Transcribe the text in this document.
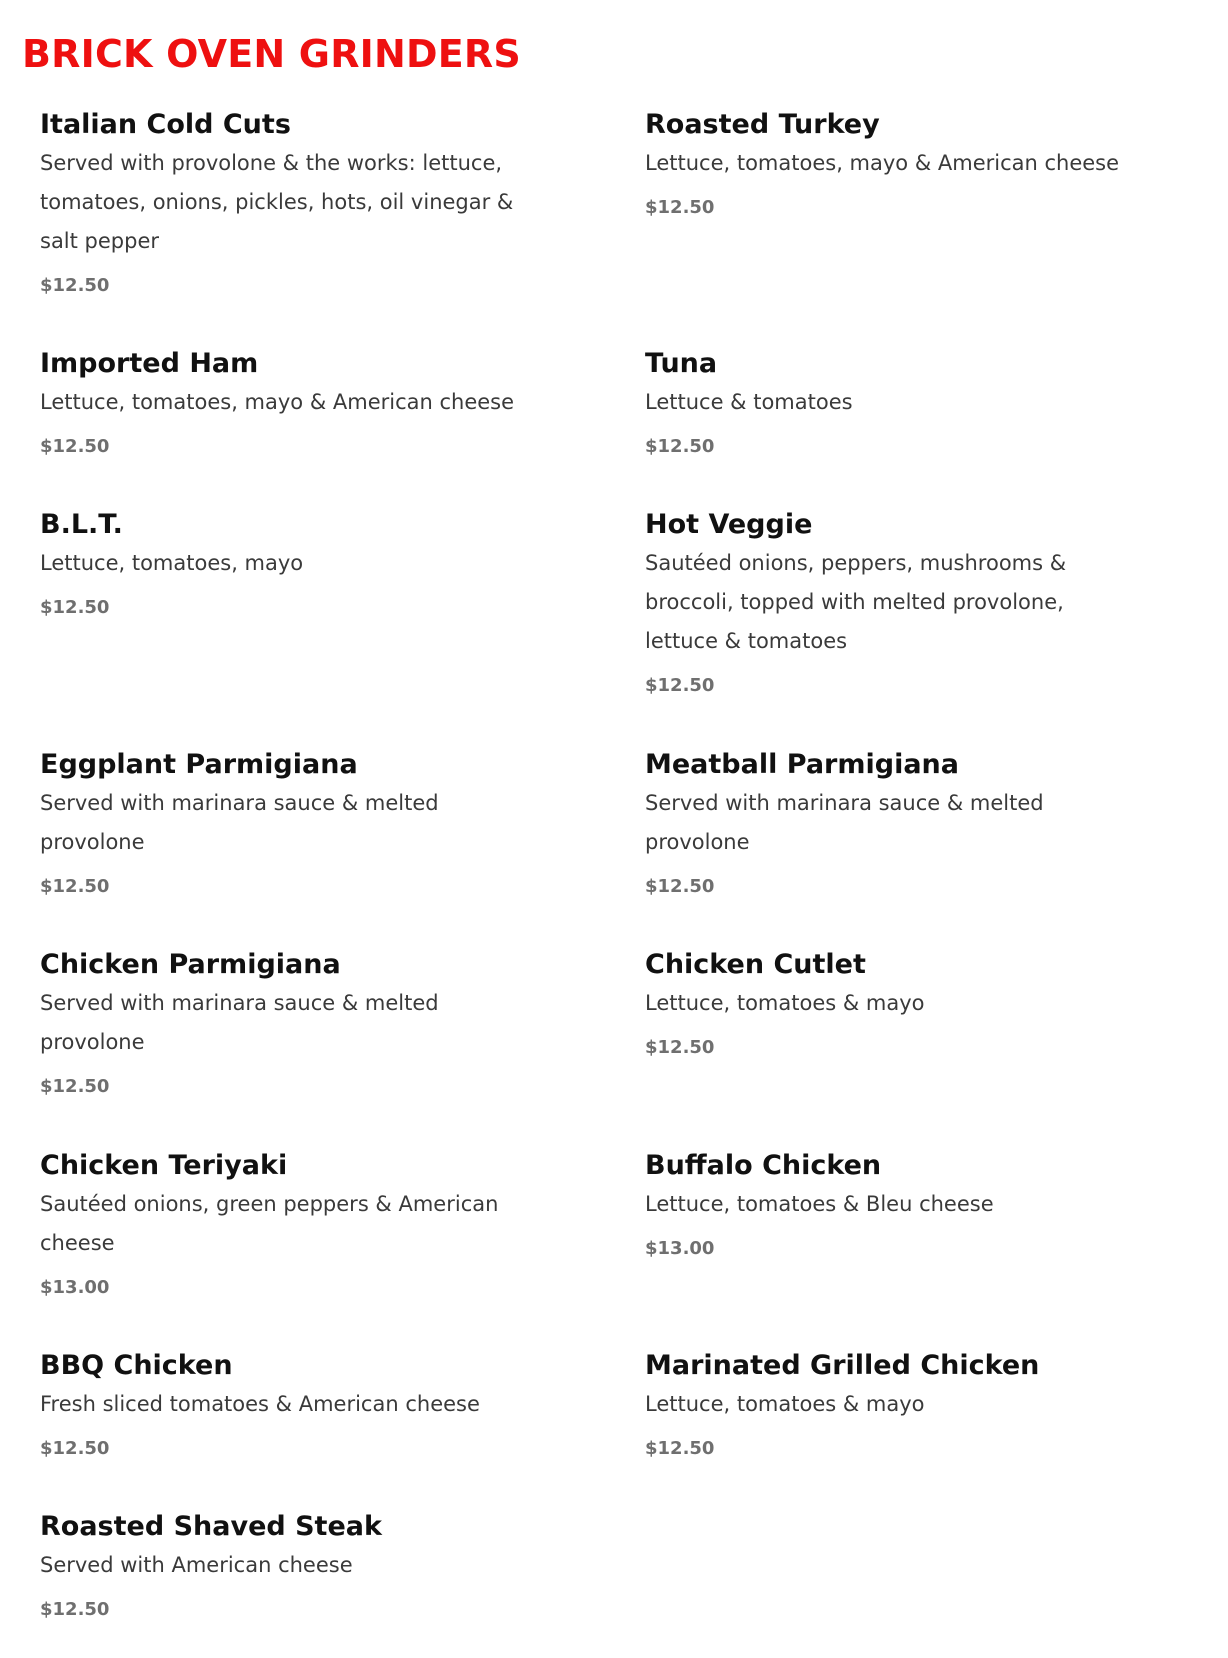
BRICK OVEN GRINDERS

Italian Cold Cuts

Served with provolone & the works: lettuce,

tomatoes, onions, pickles, hots, oil vinegar &

salt pepper

$12.50

Roasted Turkey

Lettuce, tomatoes, mayo & American cheese

$12.50

Imported Ham

Lettuce, tomatoes, mayo & American cheese

$12.50

Tuna

Lettuce & tomatoes

$12.50

B.L.T.

Lettuce, tomatoes, mayo

$12.50

Hot Veggie

Sautéed onions, peppers, mushrooms &

broccoli, topped with melted provolone,

lettuce & tomatoes

$12.50

Eggplant Parmigiana

Served with marinara sauce & melted

provolone

$12.50

Meatball Parmigiana

Served with marinara sauce & melted

provolone

$12.50

Chicken Parmigiana

Served with marinara sauce & melted

provolone

$12.50

Chicken Cutlet

Lettuce, tomatoes & mayo

$12.50

Chicken Teriyaki

Sautéed onions, green peppers & American

cheese

$13.00

Buffalo Chicken

Lettuce, tomatoes & Bleu cheese

$13.00

BBQ Chicken

Fresh sliced tomatoes & American cheese

$12.50

Marinated Grilled Chicken

Lettuce, tomatoes & mayo

$12.50

Roasted Shaved Steak

Served with American cheese

$12.50
